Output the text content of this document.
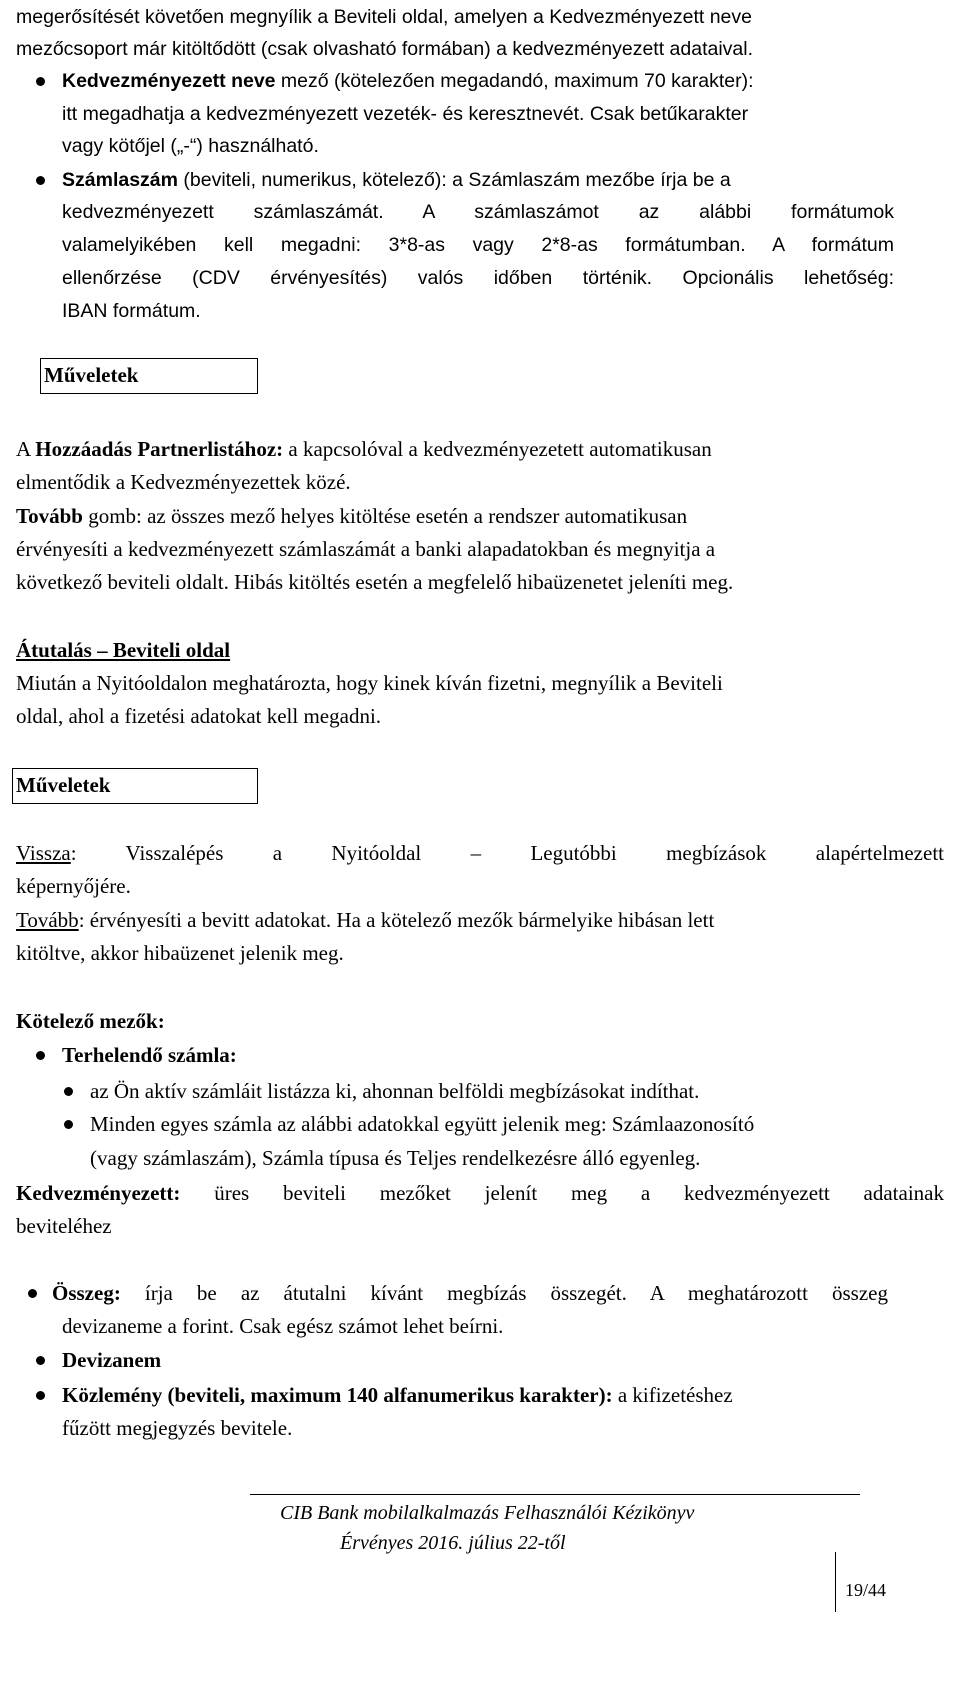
megerősítését követően megnyílik a Beviteli oldal, amelyen a Kedvezményezett neve
mezőcsoport már kitöltődött (csak olvasható formában) a kedvezményezett adataival.
Kedvezményezett neve mező (kötelezően megadandó, maximum 70 karakter):
itt megadhatja a kedvezményezett vezeték- és keresztnevét. Csak betűkarakter
vagy kötőjel („-“) használható.
Számlaszám (beviteli, numerikus, kötelező): a Számlaszám mezőbe írja be a
kedvezményezett számlaszámát. A számlaszámot az alábbi formátumok
valamelyikében kell megadni: 3*8-as vagy 2*8-as formátumban. A formátum
ellenőrzése (CDV érvényesítés) valós időben történik. Opcionális lehetőség:
IBAN formátum.
Műveletek
A Hozzáadás Partnerlistához: a kapcsolóval a kedvezményezetett automatikusan
elmentődik a Kedvezményezettek közé.
Tovább gomb: az összes mező helyes kitöltése esetén a rendszer automatikusan
érvényesíti a kedvezményezett számlaszámát a banki alapadatokban és megnyitja a
következő beviteli oldalt. Hibás kitöltés esetén a megfelelő hibaüzenetet jeleníti meg.
Átutalás – Beviteli oldal
Miután a Nyitóoldalon meghatározta, hogy kinek kíván fizetni, megnyílik a Beviteli
oldal, ahol a fizetési adatokat kell megadni.
Műveletek
Vissza: Visszalépés a Nyitóoldal – Legutóbbi megbízások alapértelmezett
képernyőjére.
Tovább: érvényesíti a bevitt adatokat. Ha a kötelező mezők bármelyike hibásan lett
kitöltve, akkor hibaüzenet jelenik meg.
Kötelező mezők:
Terhelendő számla:
az Ön aktív számláit listázza ki, ahonnan belföldi megbízásokat indíthat.
Minden egyes számla az alábbi adatokkal együtt jelenik meg: Számlaazonosító
(vagy számlaszám), Számla típusa és Teljes rendelkezésre álló egyenleg.
Kedvezményezett: üres beviteli mezőket jelenít meg a kedvezményezett adatainak
beviteléhez
Összeg: írja be az átutalni kívánt megbízás összegét. A meghatározott összeg
devizaneme a forint. Csak egész számot lehet beírni.
Devizanem
Közlemény (beviteli, maximum 140 alfanumerikus karakter): a kifizetéshez
fűzött megjegyzés bevitele.
CIB Bank mobilalkalmazás Felhasználói Kézikönyv
Érvényes 2016. július 22-től
19/44
